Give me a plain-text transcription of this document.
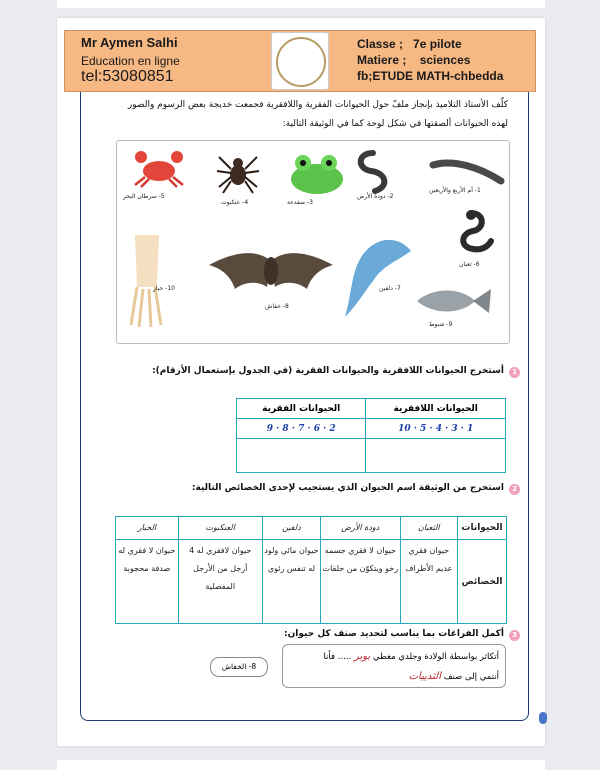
Mr Aymen Salhi
Education en ligne
tel:53080851
Classe ; 7e pilote
Matiere ; sciences
fb;ETUDE MATH-chbedda
كلّف الأستاذ التلاميذ بإنجاز ملفّ حول الحيوانات الفقرية واللافقرية فجمعت خديجة بعض الرسوم والصور
لهذه الحيوانات ألصقتها في شكل لوحة كما في الوثيقة التالية:
5- سرطان البحر
4- عنكبوت	3- ضفدعة
2- دودة الأرض
1- أم الأربع والأربعين
10- حبار
8- خفاش
7- دلفين
6- ثعبان
9- شبوط
1
أستخرج الحيوانات اللافقرية والحيوانات الفقرية (في الجدول بإستعمال الأرقام):
الحيوانات اللافقرية	الحيوانات الفقرية
1 · 3 · 4 · 5 · 10	2 · 6 · 7 · 8 · 9

2
استخرج من الوثيقة اسم الحيوان الذي يستجيب لإحدى الخصائص التالية:
الحيوانات	الثعبان	دودة الأرض	دلفين	العنكبوت	الحبار
الخصائص	حيوان فقري عديم الأطراف	حيوان لا فقري جسمه رخو ويتكوّن من حلقات	حيوان مائي ولود له تنفس رئوي	حيوان لافقري له 4 أرجل من الأرجل المفصلية	حيوان لا فقري له صدفة محجوبة
3
أكمل الفراغات بما يناسب لتحديد صنف كل حيوان:
أتكاثر بواسطة الولادة وجلدي مغطي بوبر ..... فأنا
أنتمي إلى صنف الثدييات
8- الخفاش
